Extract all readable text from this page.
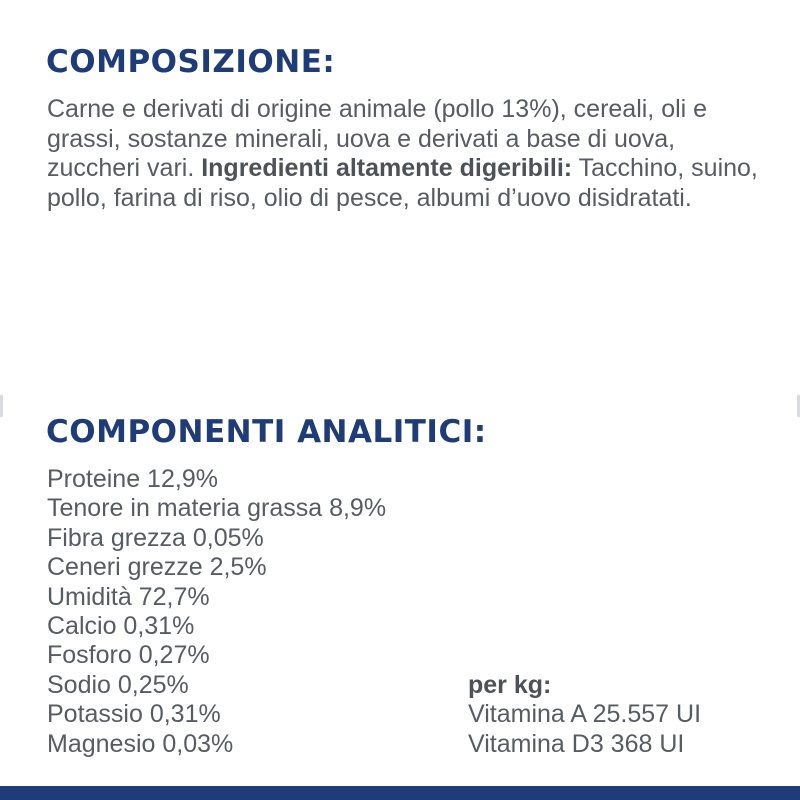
COMPOSIZIONE:

Carne e derivati di origine animale (pollo 13%), cereali, oli e grassi, sostanze minerali, uova e derivati a base di uova, zuccheri vari. Ingredienti altamente digeribili: Tacchino, suino, pollo, farina di riso, olio di pesce, albumi d’uovo disidratati.

COMPONENTI ANALITICI:
Proteine 12,9%
Tenore in materia grassa 8,9%
Fibra grezza 0,05%
Ceneri grezze 2,5%
Umidità 72,7%
Calcio 0,31%
Fosforo 0,27%
Sodio 0,25%
Potassio 0,31%
Magnesio 0,03%
per kg:
Vitamina A 25.557 UI
Vitamina D3 368 UI
